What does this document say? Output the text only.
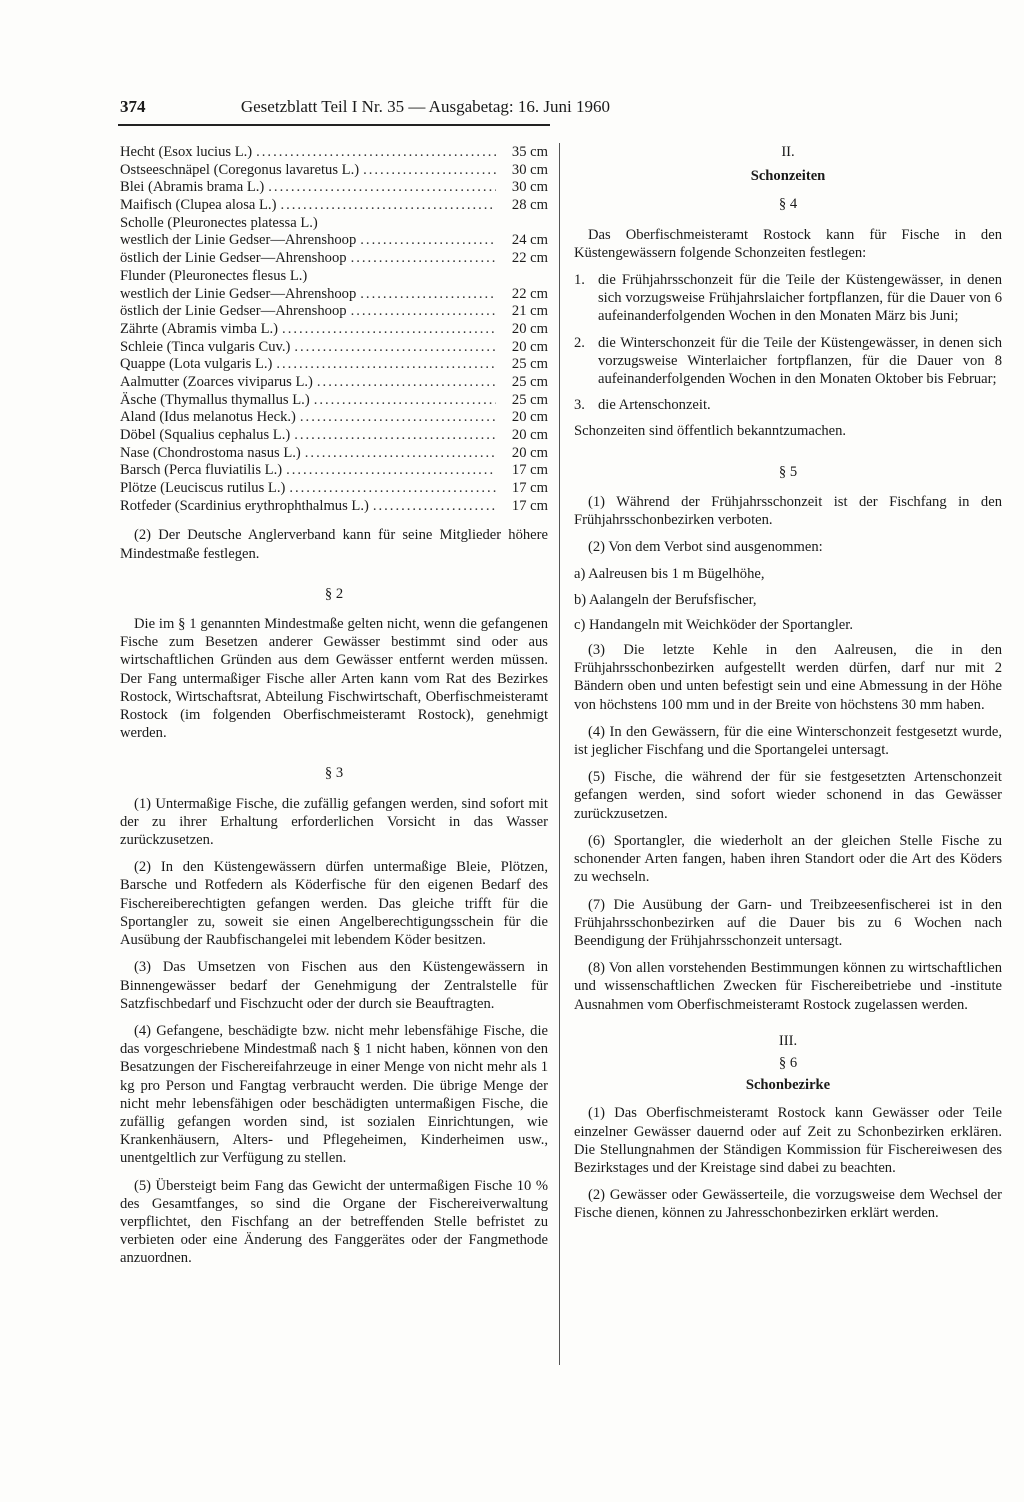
374	Gesetzblatt Teil I Nr. 35 — Ausgabetag: 16. Juni 1960
Hecht (Esox lucius L.) .....	35 cm
Ostseeschnäpel (Coregonus lavaretus L.) .....	30 cm
Blei (Abramis brama L.) .....	30 cm
Maifisch (Clupea alosa L.) .....	28 cm
Scholle (Pleuronectes platessa L.)
westlich der Linie Gedser—Ahrenshoop .....	24 cm
östlich der Linie Gedser—Ahrenshoop .....	22 cm
Flunder (Pleuronectes flesus L.)
westlich der Linie Gedser—Ahrenshoop .....	22 cm
östlich der Linie Gedser—Ahrenshoop .....	21 cm
Zährte (Abramis vimba L.) .....	20 cm
Schleie (Tinca vulgaris Cuv.) .....	20 cm
Quappe (Lota vulgaris L.) .....	25 cm
Aalmutter (Zoarces viviparus L.) .....	25 cm
Äsche (Thymallus thymallus L.) .....	25 cm
Aland (Idus melanotus Heck.) .....	20 cm
Döbel (Squalius cephalus L.) .....	20 cm
Nase (Chondrostoma nasus L.) .....	20 cm
Barsch (Perca fluviatilis L.) .....	17 cm
Plötze (Leuciscus rutilus L.) .....	17 cm
Rotfeder (Scardinius erythrophthalmus L.) .....	17 cm

(2) Der Deutsche Anglerverband kann für seine Mitglieder höhere Mindestmaße festlegen.

§ 2

Die im § 1 genannten Mindestmaße gelten nicht, wenn die gefangenen Fische zum Besetzen anderer Gewässer bestimmt sind oder aus wirtschaftlichen Gründen aus dem Gewässer entfernt werden müssen. Der Fang untermaßiger Fische aller Arten kann vom Rat des Bezirkes Rostock, Wirtschaftsrat, Abteilung Fischwirtschaft, Oberfischmeisteramt Rostock (im folgenden Oberfischmeisteramt Rostock), genehmigt werden.

§ 3

(1) Untermaßige Fische, die zufällig gefangen werden, sind sofort mit der zu ihrer Erhaltung erforderlichen Vorsicht in das Wasser zurückzusetzen.

(2) In den Küstengewässern dürfen untermaßige Bleie, Plötzen, Barsche und Rotfedern als Köderfische für den eigenen Bedarf des Fischereiberechtigten gefangen werden. Das gleiche trifft für die Sportangler zu, soweit sie einen Angelberechtigungsschein für die Ausübung der Raubfischangelei mit lebendem Köder besitzen.

(3) Das Umsetzen von Fischen aus den Küstengewässern in Binnengewässer bedarf der Genehmigung der Zentralstelle für Satzfischbedarf und Fischzucht oder der durch sie Beauftragten.

(4) Gefangene, beschädigte bzw. nicht mehr lebensfähige Fische, die das vorgeschriebene Mindestmaß nach § 1 nicht haben, können von den Besatzungen der Fischereifahrzeuge in einer Menge von nicht mehr als 1 kg pro Person und Fangtag verbraucht werden. Die übrige Menge der nicht mehr lebensfähigen oder beschädigten untermaßigen Fische, die zufällig gefangen worden sind, ist sozialen Einrichtungen, wie Krankenhäusern, Alters- und Pflegeheimen, Kinderheimen usw., unentgeltlich zur Verfügung zu stellen.

(5) Übersteigt beim Fang das Gewicht der untermaßigen Fische 10 % des Gesamtfanges, so sind die Organe der Fischereiverwaltung verpflichtet, den Fischfang an der betreffenden Stelle befristet zu verbieten oder eine Änderung des Fanggerätes oder der Fangmethode anzuordnen.

II.
Schonzeiten
§ 4

Das Oberfischmeisteramt Rostock kann für Fische in den Küstengewässern folgende Schonzeiten festlegen:

1. die Frühjahrsschonzeit für die Teile der Küstengewässer, in denen sich vorzugsweise Frühjahrslaicher fortpflanzen, für die Dauer von 6 aufeinanderfolgenden Wochen in den Monaten März bis Juni;
2. die Winterschonzeit für die Teile der Küstengewässer, in denen sich vorzugsweise Winterlaicher fortpflanzen, für die Dauer von 8 aufeinanderfolgenden Wochen in den Monaten Oktober bis Februar;
3. die Artenschonzeit.

Schonzeiten sind öffentlich bekanntzumachen.

§ 5

(1) Während der Frühjahrsschonzeit ist der Fischfang in den Frühjahrsschonbezirken verboten.

(2) Von dem Verbot sind ausgenommen:

a) Aalreusen bis 1 m Bügelhöhe,
b) Aalangeln der Berufsfischer,
c) Handangeln mit Weichköder der Sportangler.

(3) Die letzte Kehle in den Aalreusen, die in den Frühjahrsschonbezirken aufgestellt werden dürfen, darf nur mit 2 Bändern oben und unten befestigt sein und eine Abmessung in der Höhe von höchstens 100 mm und in der Breite von höchstens 30 mm haben.

(4) In den Gewässern, für die eine Winterschonzeit festgesetzt wurde, ist jeglicher Fischfang und die Sportangelei untersagt.

(5) Fische, die während der für sie festgesetzten Artenschonzeit gefangen werden, sind sofort wieder schonend in das Gewässer zurückzusetzen.

(6) Sportangler, die wiederholt an der gleichen Stelle Fische zu schonender Arten fangen, haben ihren Standort oder die Art des Köders zu wechseln.

(7) Die Ausübung der Garn- und Treibzeesenfischerei ist in den Frühjahrsschonbezirken auf die Dauer bis zu 6 Wochen nach Beendigung der Frühjahrsschonzeit untersagt.

(8) Von allen vorstehenden Bestimmungen können zu wirtschaftlichen und wissenschaftlichen Zwecken für Fischereibetriebe und -institute Ausnahmen vom Oberfischmeisteramt Rostock zugelassen werden.

III.
§ 6
Schonbezirke

(1) Das Oberfischmeisteramt Rostock kann Gewässer oder Teile einzelner Gewässer dauernd oder auf Zeit zu Schonbezirken erklären. Die Stellungnahmen der Ständigen Kommission für Fischereiwesen des Bezirkstages und der Kreistage sind dabei zu beachten.

(2) Gewässer oder Gewässerteile, die vorzugsweise dem Wechsel der Fische dienen, können zu Jahresschonbezirken erklärt werden.
